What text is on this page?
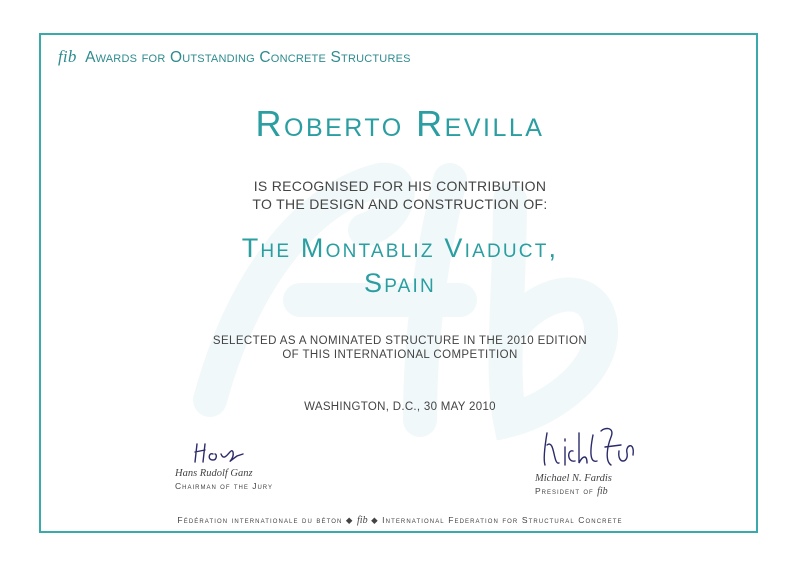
fib Awards for Outstanding Concrete Structures
Roberto Revilla
IS RECOGNISED FOR HIS CONTRIBUTION
TO THE DESIGN AND CONSTRUCTION OF:
The Montabliz Viaduct,
Spain
SELECTED AS A NOMINATED STRUCTURE IN THE 2010 EDITION
OF THIS INTERNATIONAL COMPETITION
WASHINGTON, D.C., 30 MAY 2010
Hans Rudolf Ganz
Chairman of the Jury
Michael N. Fardis
President of fib
Fédération internationale du béton ◆ fib ◆ International Federation for Structural Concrete
